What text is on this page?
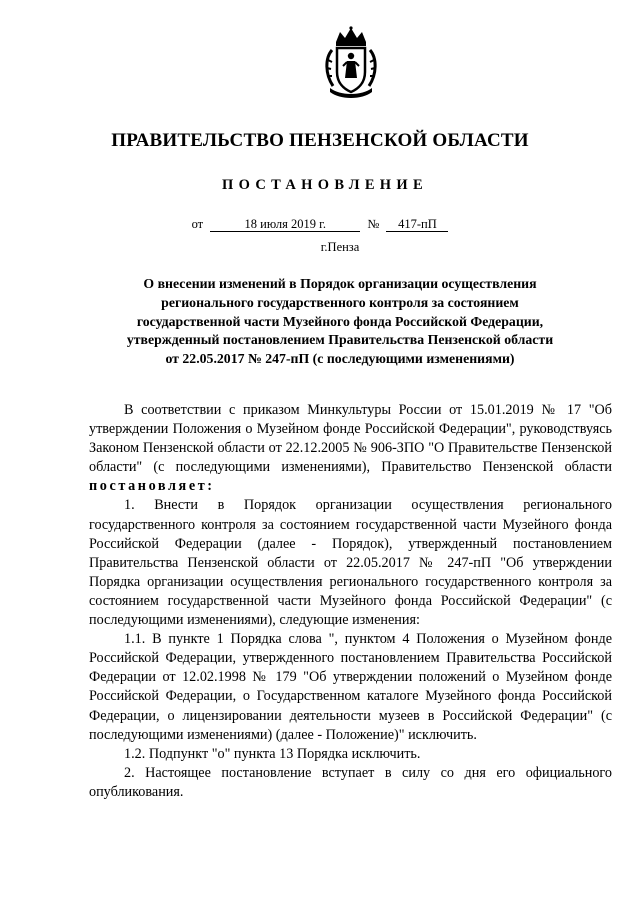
ПРАВИТЕЛЬСТВО ПЕНЗЕНСКОЙ ОБЛАСТИ
ПОСТАНОВЛЕНИЕ
от	18 июля 2019 г.	№ 417-пП
г.Пенза
О внесении изменений в Порядок организации осуществления
регионального государственного контроля за состоянием
государственной части Музейного фонда Российской Федерации,
утвержденный постановлением Правительства Пензенской области
от 22.05.2017 № 247-пП (с последующими изменениями)

В соответствии с приказом Минкультуры России от 15.01.2019 № 17 "Об утверждении Положения о Музейном фонде Российской Федерации", руководствуясь Законом Пензенской области от 22.12.2005 № 906-ЗПО "О Правительстве Пензенской области" (с последующими изменениями), Правительство Пензенской области постановляет:

1. Внести в Порядок организации осуществления регионального государственного контроля за состоянием государственной части Музейного фонда Российской Федерации (далее - Порядок), утвержденный постановлением Правительства Пензенской области от 22.05.2017 № 247-пП "Об утверждении Порядка организации осуществления регионального государственного контроля за состоянием государственной части Музейного фонда Российской Федерации" (с последующими изменениями), следующие изменения:

1.1. В пункте 1 Порядка слова ", пунктом 4 Положения о Музейном фонде Российской Федерации, утвержденного постановлением Правительства Российской Федерации от 12.02.1998 № 179 "Об утверждении положений о Музейном фонде Российской Федерации, о Государственном каталоге Музейного фонда Российской Федерации, о лицензировании деятельности музеев в Российской Федерации" (с последующими изменениями) (далее - Положение)" исключить.

1.2. Подпункт "о" пункта 13 Порядка исключить.

2. Настоящее постановление вступает в силу со дня его официального опубликования.
